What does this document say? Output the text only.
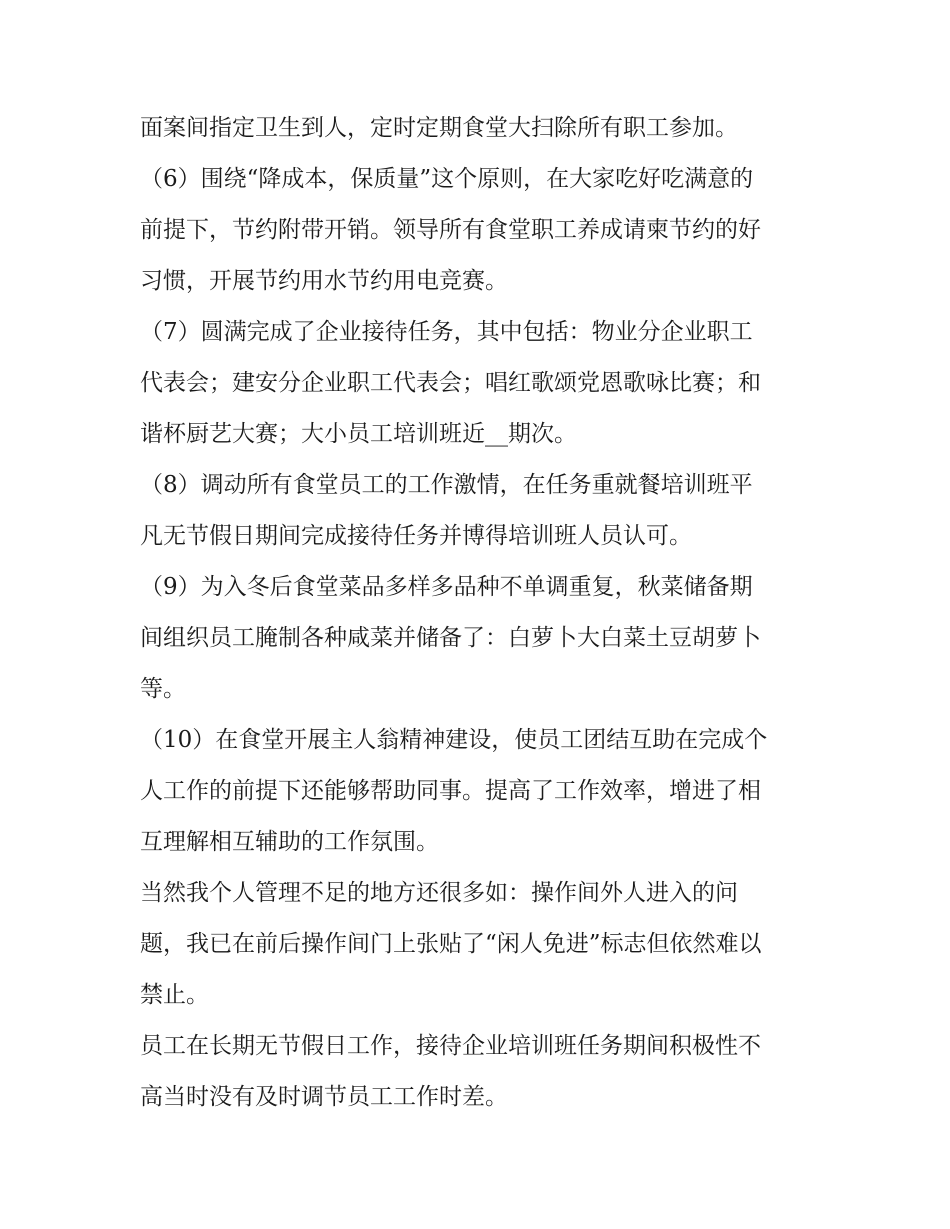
面案间指定卫生到人，定时定期食堂大扫除所有职工参加。
（6）围绕“降成本，保质量”这个原则，在大家吃好吃满意的
前提下，节约附带开销。领导所有食堂职工养成请柬节约的好
习惯，开展节约用水节约用电竞赛。
（7）圆满完成了企业接待任务，其中包括：物业分企业职工
代表会；建安分企业职工代表会；唱红歌颂党恩歌咏比赛；和
谐杯厨艺大赛；大小员工培训班近__期次。
（8）调动所有食堂员工的工作激情，在任务重就餐培训班平
凡无节假日期间完成接待任务并博得培训班人员认可。
（9）为入冬后食堂菜品多样多品种不单调重复，秋菜储备期
间组织员工腌制各种咸菜并储备了：白萝卜大白菜土豆胡萝卜
等。
（10）在食堂开展主人翁精神建设，使员工团结互助在完成个
人工作的前提下还能够帮助同事。提高了工作效率，增进了相
互理解相互辅助的工作氛围。
当然我个人管理不足的地方还很多如：操作间外人进入的问
题，我已在前后操作间门上张贴了“闲人免进”标志但依然难以
禁止。
员工在长期无节假日工作，接待企业培训班任务期间积极性不
高当时没有及时调节员工工作时差。
